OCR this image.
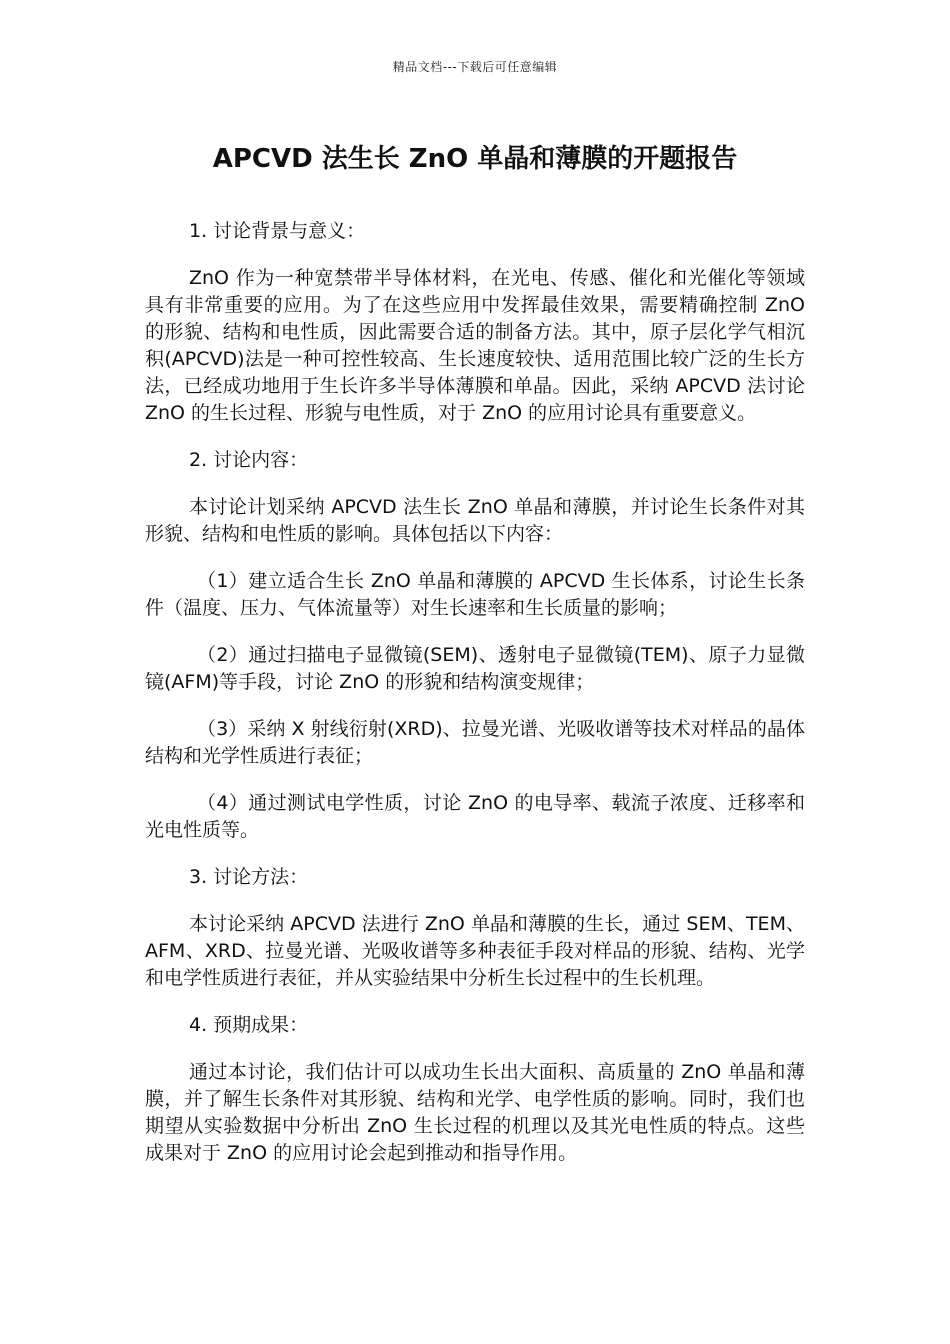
精品文档---下载后可任意编辑
APCVD 法生长 ZnO 单晶和薄膜的开题报告

1. 讨论背景与意义：

ZnO 作为一种宽禁带半导体材料，在光电、传感、催化和光催化等领域具有非常重要的应用。为了在这些应用中发挥最佳效果，需要精确控制 ZnO 的形貌、结构和电性质，因此需要合适的制备方法。其中，原子层化学气相沉积(APCVD)法是一种可控性较高、生长速度较快、适用范围比较广泛的生长方法，已经成功地用于生长许多半导体薄膜和单晶。因此，采纳 APCVD 法讨论 ZnO 的生长过程、形貌与电性质，对于 ZnO 的应用讨论具有重要意义。

2. 讨论内容：

本讨论计划采纳 APCVD 法生长 ZnO 单晶和薄膜，并讨论生长条件对其形貌、结构和电性质的影响。具体包括以下内容：

（1）建立适合生长 ZnO 单晶和薄膜的 APCVD 生长体系，讨论生长条件（温度、压力、气体流量等）对生长速率和生长质量的影响；

（2）通过扫描电子显微镜(SEM)、透射电子显微镜(TEM)、原子力显微镜(AFM)等手段，讨论 ZnO 的形貌和结构演变规律；

（3）采纳 X 射线衍射(XRD)、拉曼光谱、光吸收谱等技术对样品的晶体结构和光学性质进行表征；

（4）通过测试电学性质，讨论 ZnO 的电导率、载流子浓度、迁移率和光电性质等。

3. 讨论方法：

本讨论采纳 APCVD 法进行 ZnO 单晶和薄膜的生长，通过 SEM、TEM、AFM、XRD、拉曼光谱、光吸收谱等多种表征手段对样品的形貌、结构、光学和电学性质进行表征，并从实验结果中分析生长过程中的生长机理。

4. 预期成果：

通过本讨论，我们估计可以成功生长出大面积、高质量的 ZnO 单晶和薄膜，并了解生长条件对其形貌、结构和光学、电学性质的影响。同时，我们也期望从实验数据中分析出 ZnO 生长过程的机理以及其光电性质的特点。这些成果对于 ZnO 的应用讨论会起到推动和指导作用。
